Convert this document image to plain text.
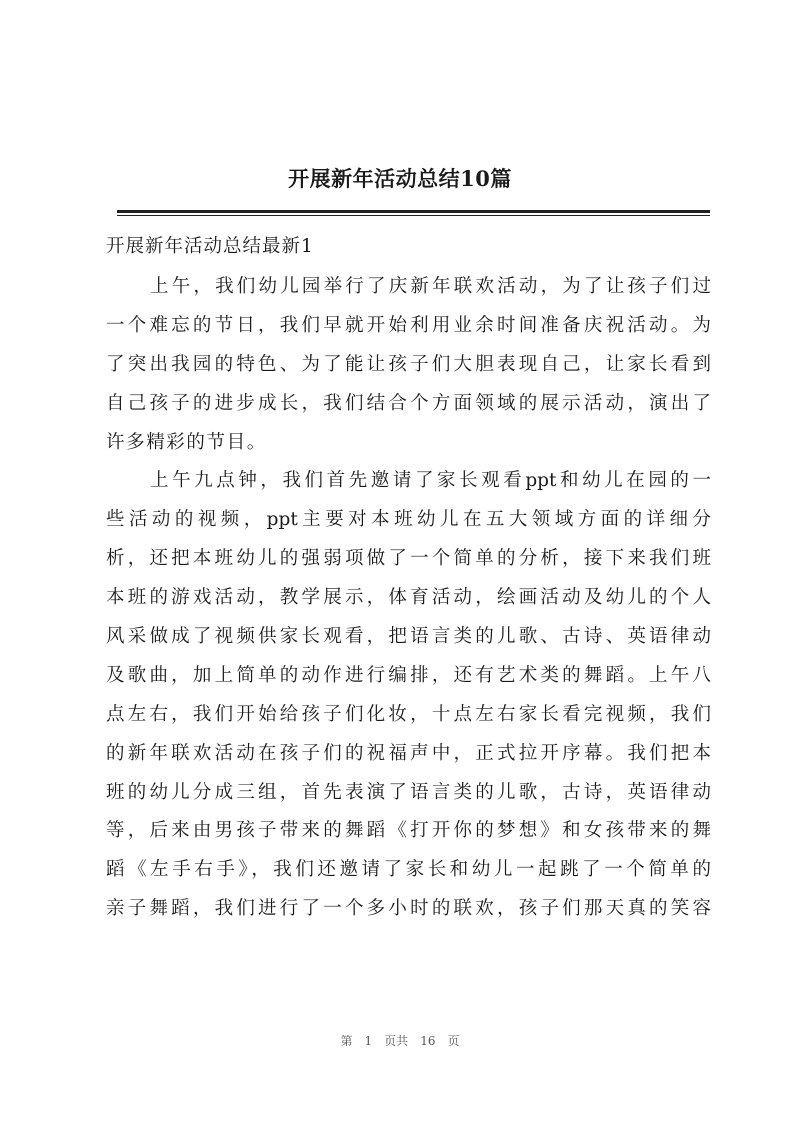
开展新年活动总结10篇
开展新年活动总结最新1
上午，我们幼儿园举行了庆新年联欢活动，为了让孩子们过
一个难忘的节日，我们早就开始利用业余时间准备庆祝活动。为
了突出我园的特色、为了能让孩子们大胆表现自己，让家长看到
自己孩子的进步成长，我们结合个方面领域的展示活动，演出了
许多精彩的节目。
上午九点钟，我们首先邀请了家长观看ppt和幼儿在园的一
些活动的视频，ppt主要对本班幼儿在五大领域方面的详细分
析，还把本班幼儿的强弱项做了一个简单的分析，接下来我们班
本班的游戏活动，教学展示，体育活动，绘画活动及幼儿的个人
风采做成了视频供家长观看，把语言类的儿歌、古诗、英语律动
及歌曲，加上简单的动作进行编排，还有艺术类的舞蹈。上午八
点左右，我们开始给孩子们化妆，十点左右家长看完视频，我们
的新年联欢活动在孩子们的祝福声中，正式拉开序幕。我们把本
班的幼儿分成三组，首先表演了语言类的儿歌，古诗，英语律动
等，后来由男孩子带来的舞蹈《打开你的梦想》和女孩带来的舞
蹈《左手右手》，我们还邀请了家长和幼儿一起跳了一个简单的
亲子舞蹈，我们进行了一个多小时的联欢，孩子们那天真的笑容
第 1 页共 16 页
